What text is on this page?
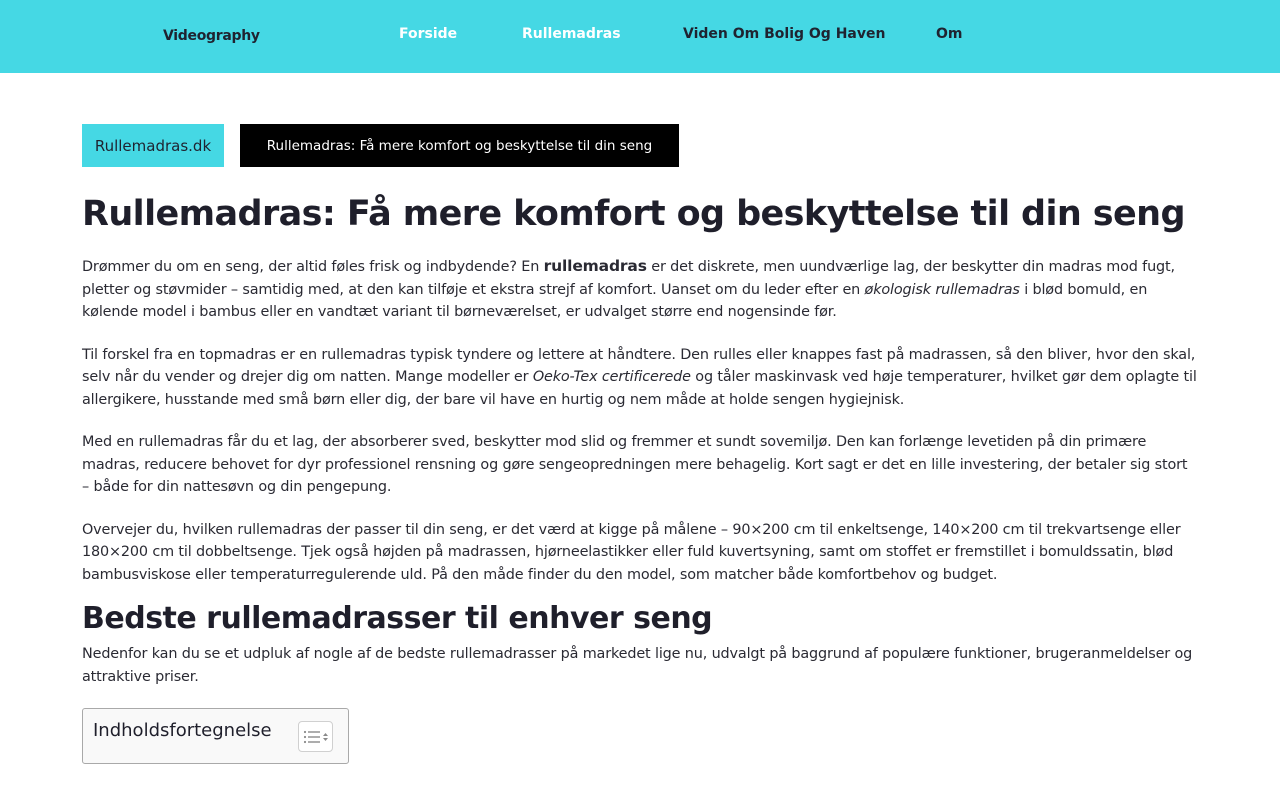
Videography	Forside	Rullemadras	Viden Om Bolig Og Haven	Om
Rullemadras.dk	Rullemadras: Få mere komfort og beskyttelse til din seng
Rullemadras: Få mere komfort og beskyttelse til din seng

Drømmer du om en seng, der altid føles frisk og indbydende? En rullemadras er det diskrete, men uundværlige lag, der beskytter din madras mod fugt, pletter og støvmider – samtidig med, at den kan tilføje et ekstra strejf af komfort. Uanset om du leder efter en økologisk rullemadras i blød bomuld, en kølende model i bambus eller en vandtæt variant til børneværelset, er udvalget større end nogensinde før.

Til forskel fra en topmadras er en rullemadras typisk tyndere og lettere at håndtere. Den rulles eller knappes fast på madrassen, så den bliver, hvor den skal, selv når du vender og drejer dig om natten. Mange modeller er Oeko-Tex certificerede og tåler maskinvask ved høje temperaturer, hvilket gør dem oplagte til allergikere, husstande med små børn eller dig, der bare vil have en hurtig og nem måde at holde sengen hygiejnisk.

Med en rullemadras får du et lag, der absorberer sved, beskytter mod slid og fremmer et sundt sovemiljø. Den kan forlænge levetiden på din primære madras, reducere behovet for dyr professionel rensning og gøre sengeopredningen mere behagelig. Kort sagt er det en lille investering, der betaler sig stort – både for din nattesøvn og din pengepung.

Overvejer du, hvilken rullemadras der passer til din seng, er det værd at kigge på målene – 90×200 cm til enkeltsenge, 140×200 cm til trekvartsenge eller 180×200 cm til dobbeltsenge. Tjek også højden på madrassen, hjørneelastikker eller fuld kuvertsyning, samt om stoffet er fremstillet i bomuldssatin, blød bambusviskose eller temperaturregulerende uld. På den måde finder du den model, som matcher både komfortbehov og budget.

Bedste rullemadrasser til enhver seng

Nedenfor kan du se et udpluk af nogle af de bedste rullemadrasser på markedet lige nu, udvalgt på baggrund af populære funktioner, brugeranmeldelser og attraktive priser.

Indholdsfortegnelse
